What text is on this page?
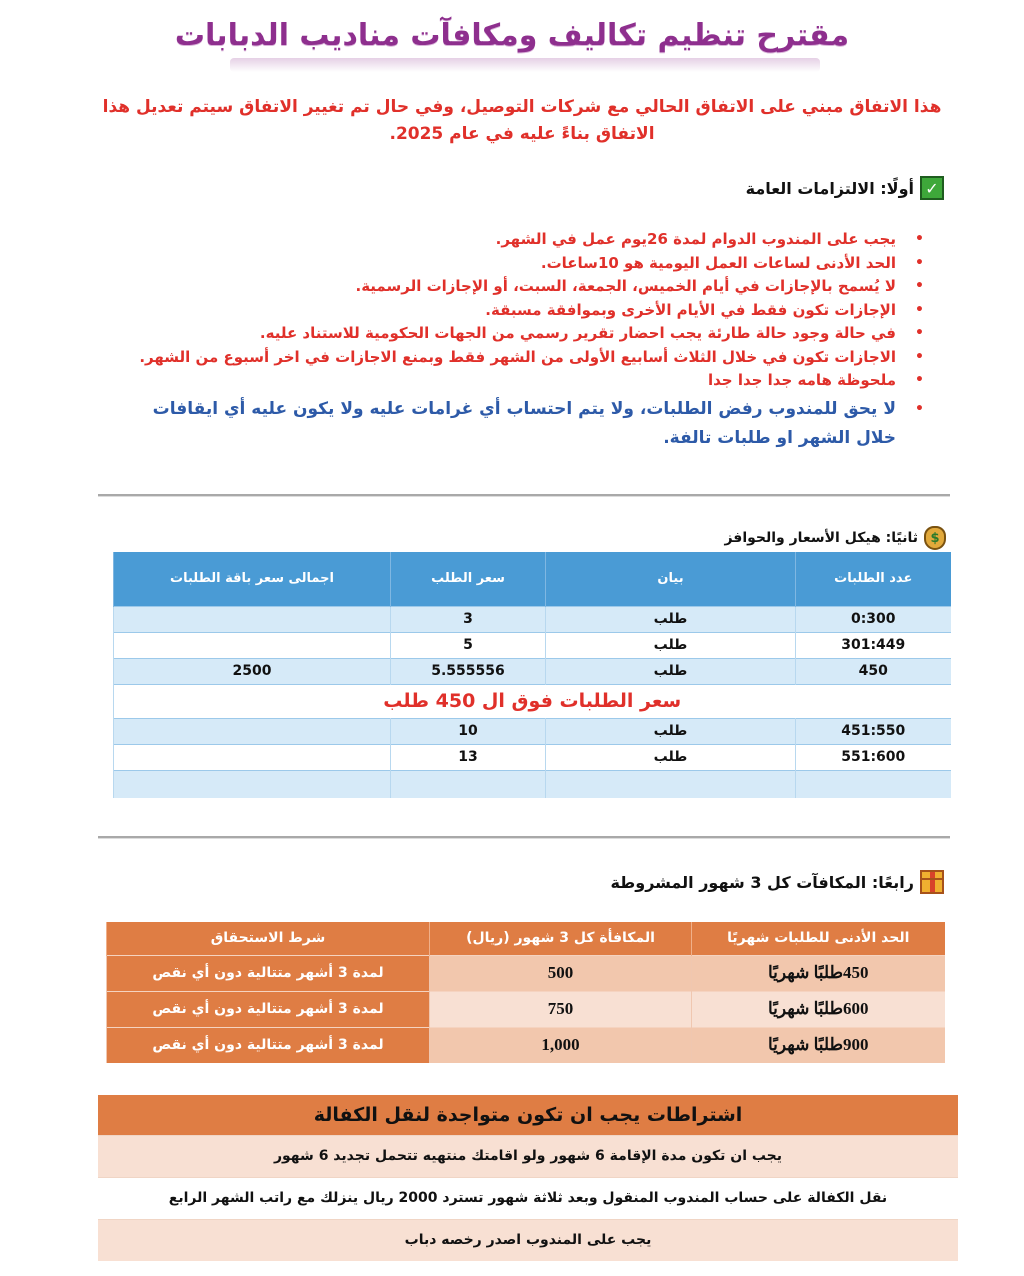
مقترح تنظيم تكاليف ومكافآت مناديب الدبابات
هذا الاتفاق مبني على الاتفاق الحالي مع شركات التوصيل، وفي حال تم تغيير الاتفاق سيتم تعديل هذا الاتفاق بناءً عليه في عام 2025.
✓
أولًا: الالتزامات العامة
• يجب على المندوب الدوام لمدة 26يوم عمل في الشهر.
• الحد الأدنى لساعات العمل اليومية هو 10ساعات.
• لا يُسمح بالإجازات في أيام الخميس، الجمعة، السبت، أو الإجازات الرسمية.
• الإجازات تكون فقط في الأيام الأخرى وبموافقة مسبقة.
• في حالة وجود حالة طارئة يجب احضار تقرير رسمي من الجهات الحكومية للاستناد عليه.
• الاجازات تكون في خلال الثلاث أسابيع الأولى من الشهر فقط وبمنع الاجازات في اخر أسبوع من الشهر.
• ملحوظة هامه جدا جدا جدا
• لا يحق للمندوب رفض الطلبات، ولا يتم احتساب أي غرامات عليه ولا يكون عليه أي ايقافات خلال الشهر او طلبات تالفة.
$
ثانيًا: هيكل الأسعار والحوافز
عدد الطلبات	بيان	سعر الطلب	اجمالى سعر باقة الطلبات
0:300	طلب	3	
301:449	طلب	5	
450	طلب	5.555556	2500
سعر الطلبات فوق ال 450 طلب			
451:550	طلب	10	
551:600	طلب	13	

رابعًا: المكافآت كل 3 شهور المشروطة
الحد الأدنى للطلبات شهريًا	المكافأة كل 3 شهور (ريال)	شرط الاستحقاق
450طلبًا شهريًا	500	لمدة 3 أشهر متتالية دون أي نقص
600طلبًا شهريًا	750	لمدة 3 أشهر متتالية دون أي نقص
900طلبًا شهريًا	1,000	لمدة 3 أشهر متتالية دون أي نقص
اشتراطات يجب ان تكون متواجدة لنقل الكفالة
يجب ان تكون مدة الإقامة 6 شهور ولو اقامتك منتهيه تتحمل تجديد 6 شهور
نقل الكفالة على حساب المندوب المنقول وبعد ثلاثة شهور تسترد 2000 ريال ينزلك مع راتب الشهر الرابع
يجب على المندوب اصدر رخصه دباب
